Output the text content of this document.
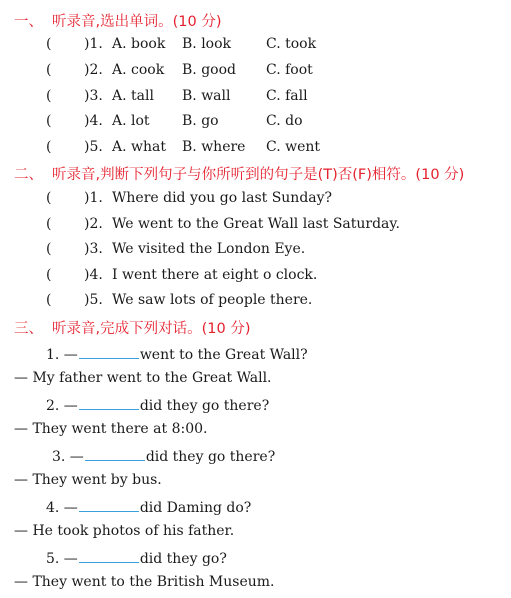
一、 听录音,选出单词。(10 分)
( )1. A. book B. look C. took
( )2. A. cook B. good C. foot
( )3. A. tall B. wall	C. fall
( )4. A. lot B. go	C. do
( )5. A. what B. where C. went
二、 听录音,判断下列句子与你所听到的句子是(T)否(F)相符。(10 分)
( )1. Where did you go last Sunday?
( )2. We went to the Great Wall last Saturday.
( )3. We visited the London Eye.
( )4. I went there at eight o clock.
( )5. We saw lots of people there.
三、 听录音,完成下列对话。(10 分)
1. —	went to the Great Wall?
— My father went to the Great Wall.
2. —	did they go there?
— They went there at 8:00.
3. —	did they go there?
— They went by bus.
4. —	did Daming do?
— He took photos of his father.
5. —	did they go?
— They went to the British Museum.
